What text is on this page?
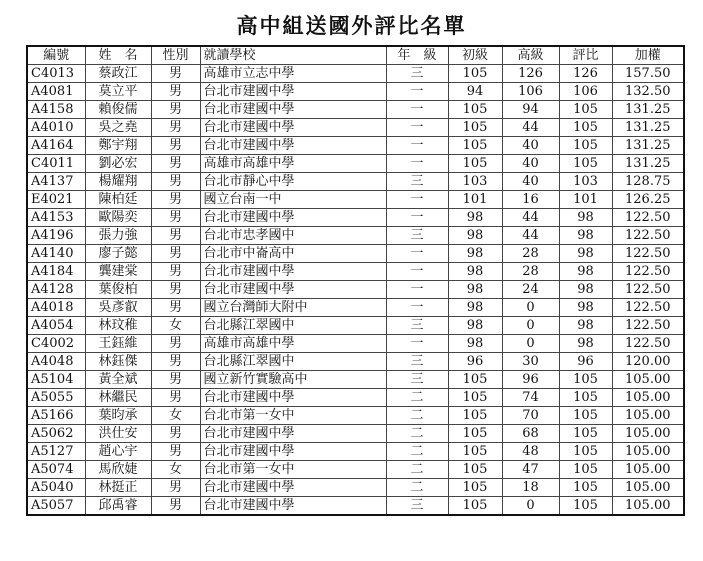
高中組送國外評比名單
編號	姓　名	性別	就讀學校	年　級	初級	高級	評比	加權
C4013	蔡政江	男	高雄市立志中學	三	105	126	126	157.50
A4081	莫立平	男	台北市建國中學	一	94	106	106	132.50
A4158	賴俊儒	男	台北市建國中學	一	105	94	105	131.25
A4010	吳之堯	男	台北市建國中學	一	105	44	105	131.25
A4164	鄭宇翔	男	台北市建國中學	一	105	40	105	131.25
C4011	劉必宏	男	高雄市高雄中學	一	105	40	105	131.25
A4137	楊耀翔	男	台北市靜心中學	三	103	40	103	128.75
E4021	陳柏廷	男	國立台南一中	一	101	16	101	126.25
A4153	歐陽奕	男	台北市建國中學	一	98	44	98	122.50
A4196	張力強	男	台北市忠孝國中	三	98	44	98	122.50
A4140	廖子懿	男	台北市中崙高中	一	98	28	98	122.50
A4184	龔建棠	男	台北市建國中學	一	98	28	98	122.50
A4128	葉俊柏	男	台北市建國中學	一	98	24	98	122.50
A4018	吳彥叡	男	國立台灣師大附中	一	98	0	98	122.50
A4054	林玟稚	女	台北縣江翠國中	三	98	0	98	122.50
C4002	王鈺維	男	高雄市高雄中學	一	98	0	98	122.50
A4048	林鈺傑	男	台北縣江翠國中	三	96	30	96	120.00
A5104	黃全斌	男	國立新竹實驗高中	三	105	96	105	105.00
A5055	林繼民	男	台北市建國中學	二	105	74	105	105.00
A5166	葉昀承	女	台北市第一女中	二	105	70	105	105.00
A5062	洪仕安	男	台北市建國中學	二	105	68	105	105.00
A5127	趙心宇	男	台北市建國中學	二	105	48	105	105.00
A5074	馬欣婕	女	台北市第一女中	二	105	47	105	105.00
A5040	林挺正	男	台北市建國中學	二	105	18	105	105.00
A5057	邱禹睿	男	台北市建國中學	三	105	0	105	105.00
